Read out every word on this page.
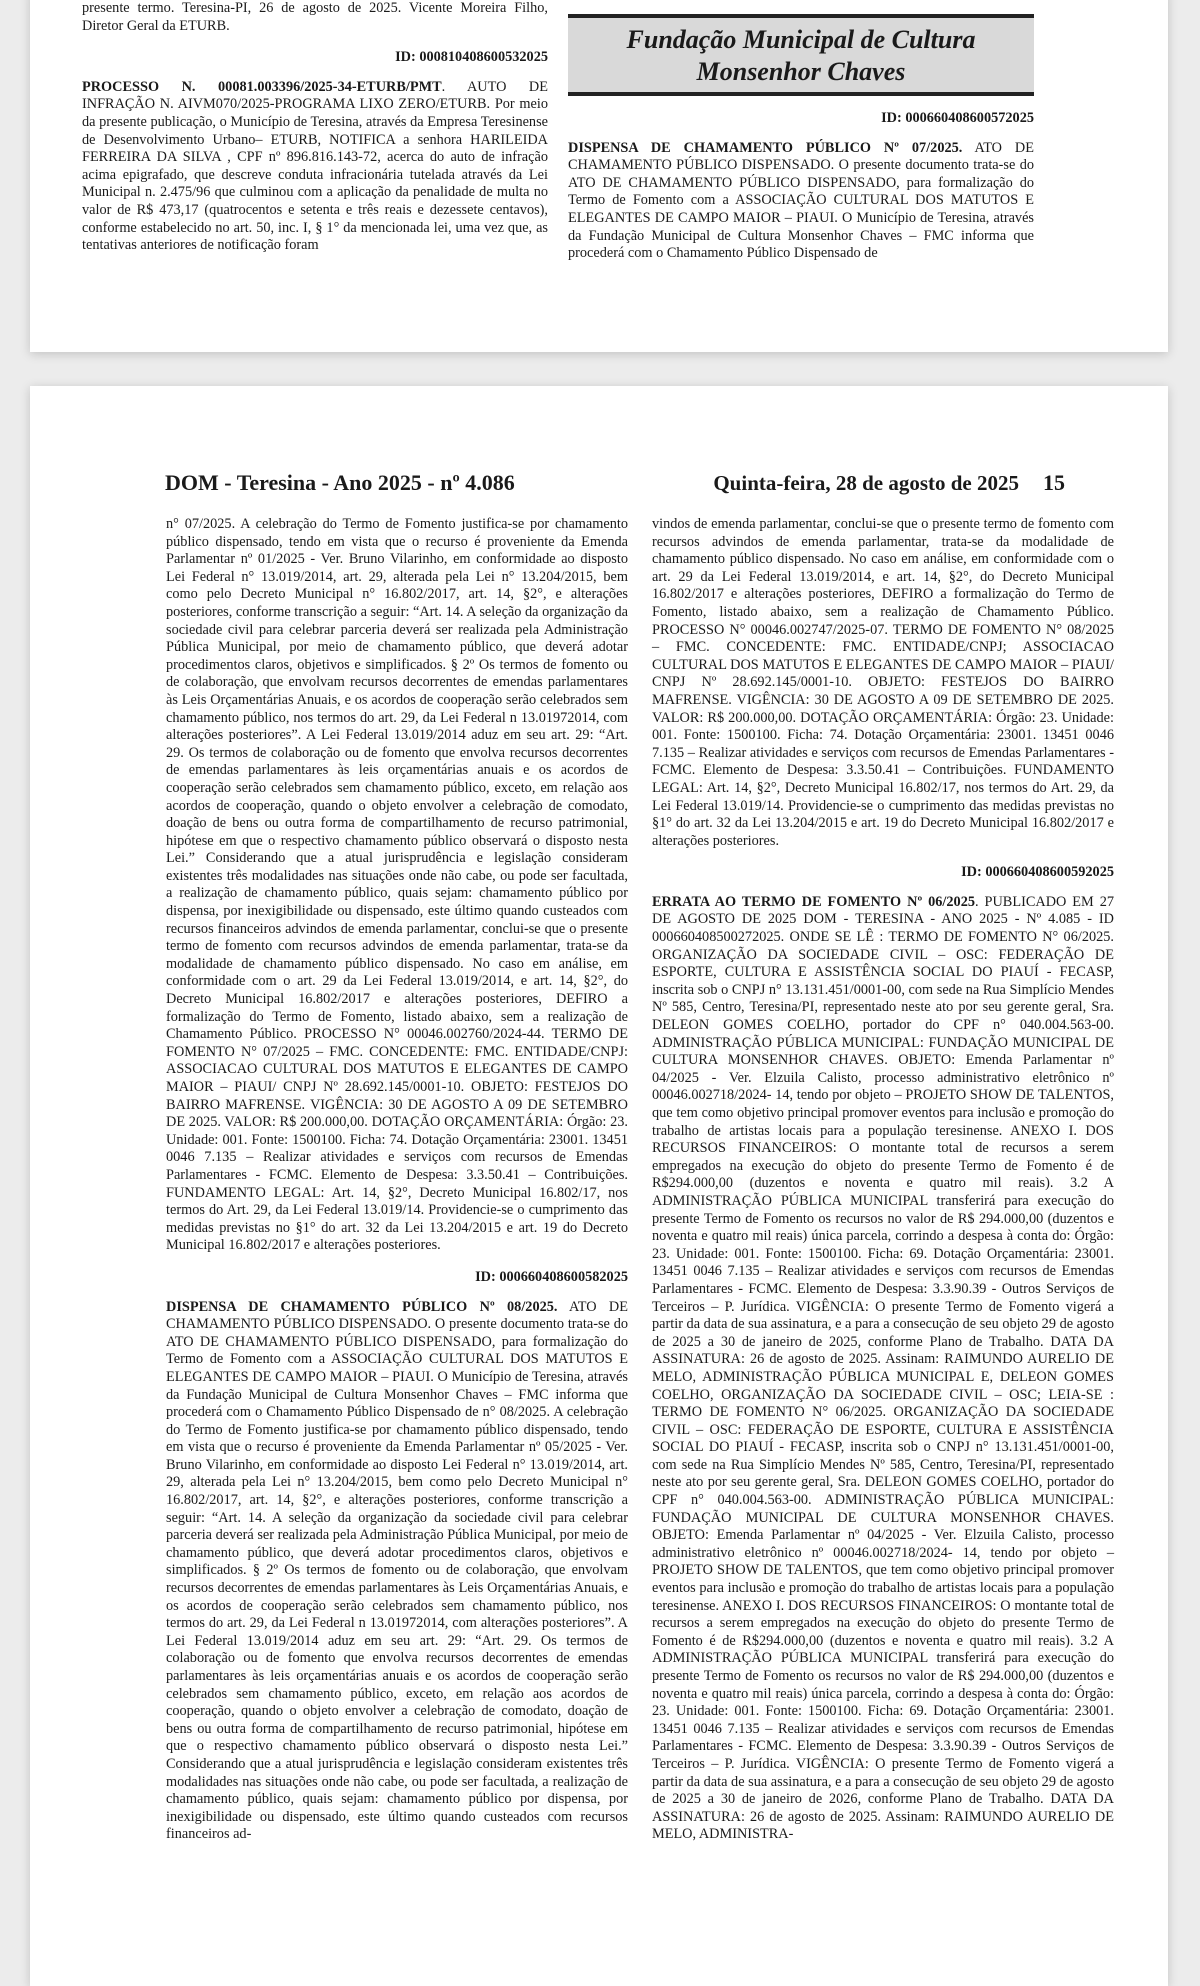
presente termo. Teresina-PI, 26 de agosto de 2025. Vicente Moreira Filho, Diretor Geral da ETURB.

ID: 000810408600532025

PROCESSO N. 00081.003396/2025-34-ETURB/PMT. AUTO DE INFRAÇÃO N. AIVM070/2025-PROGRAMA LIXO ZERO/ETURB. Por meio da presente publicação, o Município de Teresina, através da Empresa Teresinense de Desenvolvimento Urbano– ETURB, NOTIFICA a senhora HARILEIDA FERREIRA DA SILVA , CPF nº 896.816.143-72, acerca do auto de infração acima epigrafado, que descreve conduta infracionária tutelada através da Lei Municipal n. 2.475/96 que culminou com a aplicação da penalidade de multa no valor de R$ 473,17 (quatrocentos e setenta e três reais e dezessete centavos), conforme estabelecido no art. 50, inc. I, § 1° da mencionada lei, uma vez que, as tentativas anteriores de notificação foram

Fundação Municipal de Cultura
Monsenhor Chaves
ID: 000660408600572025

DISPENSA DE CHAMAMENTO PÚBLICO Nº 07/2025. ATO DE CHAMAMENTO PÚBLICO DISPENSADO. O presente documento trata-se do ATO DE CHAMAMENTO PÚBLICO DISPENSADO, para formalização do Termo de Fomento com a ASSOCIAÇÃO CULTURAL DOS MATUTOS E ELEGANTES DE CAMPO MAIOR – PIAUI. O Município de Teresina, através da Fundação Municipal de Cultura Monsenhor Chaves – FMC informa que procederá com o Chamamento Público Dispensado de

DOM - Teresina - Ano 2025 - nº 4.086	Quinta-feira, 28 de agosto de 2025 15

n° 07/2025. A celebração do Termo de Fomento justifica-se por chamamento público dispensado, tendo em vista que o recurso é proveniente da Emenda Parlamentar nº 01/2025 - Ver. Bruno Vilarinho, em conformidade ao disposto Lei Federal n° 13.019/2014, art. 29, alterada pela Lei n° 13.204/2015, bem como pelo Decreto Municipal n° 16.802/2017, art. 14, §2°, e alterações posteriores, conforme transcrição a seguir: “Art. 14. A seleção da organização da sociedade civil para celebrar parceria deverá ser realizada pela Administração Pública Municipal, por meio de chamamento público, que deverá adotar procedimentos claros, objetivos e simplificados. § 2º Os termos de fomento ou de colaboração, que envolvam recursos decorrentes de emendas parlamentares às Leis Orçamentárias Anuais, e os acordos de cooperação serão celebrados sem chamamento público, nos termos do art. 29, da Lei Federal n 13.01972014, com alterações posteriores”. A Lei Federal 13.019/2014 aduz em seu art. 29: “Art. 29. Os termos de colaboração ou de fomento que envolva recursos decorrentes de emendas parlamentares às leis orçamentárias anuais e os acordos de cooperação serão celebrados sem chamamento público, exceto, em relação aos acordos de cooperação, quando o objeto envolver a celebração de comodato, doação de bens ou outra forma de compartilhamento de recurso patrimonial, hipótese em que o respectivo chamamento público observará o disposto nesta Lei.” Considerando que a atual jurisprudência e legislação consideram existentes três modalidades nas situações onde não cabe, ou pode ser facultada, a realização de chamamento público, quais sejam: chamamento público por dispensa, por inexigibilidade ou dispensado, este último quando custeados com recursos financeiros advindos de emenda parlamentar, conclui-se que o presente termo de fomento com recursos advindos de emenda parlamentar, trata-se da modalidade de chamamento público dispensado. No caso em análise, em conformidade com o art. 29 da Lei Federal 13.019/2014, e art. 14, §2°, do Decreto Municipal 16.802/2017 e alterações posteriores, DEFIRO a formalização do Termo de Fomento, listado abaixo, sem a realização de Chamamento Público. PROCESSO N° 00046.002760/2024-44. TERMO DE FOMENTO N° 07/2025 – FMC. CONCEDENTE: FMC. ENTIDADE/CNPJ: ASSOCIACAO CULTURAL DOS MATUTOS E ELEGANTES DE CAMPO MAIOR – PIAUI/ CNPJ Nº 28.692.145/0001-10. OBJETO: FESTEJOS DO BAIRRO MAFRENSE. VIGÊNCIA: 30 DE AGOSTO A 09 DE SETEMBRO DE 2025. VALOR: R$ 200.000,00. DOTAÇÃO ORÇAMENTÁRIA: Órgão: 23. Unidade: 001. Fonte: 1500100. Ficha: 74. Dotação Orçamentária: 23001. 13451 0046 7.135 – Realizar atividades e serviços com recursos de Emendas Parlamentares - FCMC. Elemento de Despesa: 3.3.50.41 – Contribuições. FUNDAMENTO LEGAL: Art. 14, §2°, Decreto Municipal 16.802/17, nos termos do Art. 29, da Lei Federal 13.019/14. Providencie-se o cumprimento das medidas previstas no §1° do art. 32 da Lei 13.204/2015 e art. 19 do Decreto Municipal 16.802/2017 e alterações posteriores.

ID: 000660408600582025

DISPENSA DE CHAMAMENTO PÚBLICO Nº 08/2025. ATO DE CHAMAMENTO PÚBLICO DISPENSADO. O presente documento trata-se do ATO DE CHAMAMENTO PÚBLICO DISPENSADO, para formalização do Termo de Fomento com a ASSOCIAÇÃO CULTURAL DOS MATUTOS E ELEGANTES DE CAMPO MAIOR – PIAUI. O Município de Teresina, através da Fundação Municipal de Cultura Monsenhor Chaves – FMC informa que procederá com o Chamamento Público Dispensado de n° 08/2025. A celebração do Termo de Fomento justifica-se por chamamento público dispensado, tendo em vista que o recurso é proveniente da Emenda Parlamentar nº 05/2025 - Ver. Bruno Vilarinho, em conformidade ao disposto Lei Federal n° 13.019/2014, art. 29, alterada pela Lei n° 13.204/2015, bem como pelo Decreto Municipal n° 16.802/2017, art. 14, §2°, e alterações posteriores, conforme transcrição a seguir: “Art. 14. A seleção da organização da sociedade civil para celebrar parceria deverá ser realizada pela Administração Pública Municipal, por meio de chamamento público, que deverá adotar procedimentos claros, objetivos e simplificados. § 2º Os termos de fomento ou de colaboração, que envolvam recursos decorrentes de emendas parlamentares às Leis Orçamentárias Anuais, e os acordos de cooperação serão celebrados sem chamamento público, nos termos do art. 29, da Lei Federal n 13.01972014, com alterações posteriores”. A Lei Federal 13.019/2014 aduz em seu art. 29: “Art. 29. Os termos de colaboração ou de fomento que envolva recursos decorrentes de emendas parlamentares às leis orçamentárias anuais e os acordos de cooperação serão celebrados sem chamamento público, exceto, em relação aos acordos de cooperação, quando o objeto envolver a celebração de comodato, doação de bens ou outra forma de compartilhamento de recurso patrimonial, hipótese em que o respectivo chamamento público observará o disposto nesta Lei.” Considerando que a atual jurisprudência e legislação consideram existentes três modalidades nas situações onde não cabe, ou pode ser facultada, a realização de chamamento público, quais sejam: chamamento público por dispensa, por inexigibilidade ou dispensado, este último quando custeados com recursos financeiros ad-

vindos de emenda parlamentar, conclui-se que o presente termo de fomento com recursos advindos de emenda parlamentar, trata-se da modalidade de chamamento público dispensado. No caso em análise, em conformidade com o art. 29 da Lei Federal 13.019/2014, e art. 14, §2°, do Decreto Municipal 16.802/2017 e alterações posteriores, DEFIRO a formalização do Termo de Fomento, listado abaixo, sem a realização de Chamamento Público. PROCESSO N° 00046.002747/2025-07. TERMO DE FOMENTO N° 08/2025 – FMC. CONCEDENTE: FMC. ENTIDADE/CNPJ; ASSOCIACAO CULTURAL DOS MATUTOS E ELEGANTES DE CAMPO MAIOR – PIAUI/ CNPJ Nº 28.692.145/0001-10. OBJETO: FESTEJOS DO BAIRRO MAFRENSE. VIGÊNCIA: 30 DE AGOSTO A 09 DE SETEMBRO DE 2025. VALOR: R$ 200.000,00. DOTAÇÃO ORÇAMENTÁRIA: Órgão: 23. Unidade: 001. Fonte: 1500100. Ficha: 74. Dotação Orçamentária: 23001. 13451 0046 7.135 – Realizar atividades e serviços com recursos de Emendas Parlamentares - FCMC. Elemento de Despesa: 3.3.50.41 – Contribuições. FUNDAMENTO LEGAL: Art. 14, §2°, Decreto Municipal 16.802/17, nos termos do Art. 29, da Lei Federal 13.019/14. Providencie-se o cumprimento das medidas previstas no §1° do art. 32 da Lei 13.204/2015 e art. 19 do Decreto Municipal 16.802/2017 e alterações posteriores.

ID: 000660408600592025

ERRATA AO TERMO DE FOMENTO Nº 06/2025. PUBLICADO EM 27 DE AGOSTO DE 2025 DOM - TERESINA - ANO 2025 - Nº 4.085 - ID 000660408500272025. ONDE SE LÊ : TERMO DE FOMENTO N° 06/2025. ORGANIZAÇÃO DA SOCIEDADE CIVIL – OSC: FEDERAÇÃO DE ESPORTE, CULTURA E ASSISTÊNCIA SOCIAL DO PIAUÍ - FECASP, inscrita sob o CNPJ n° 13.131.451/0001-00, com sede na Rua Simplício Mendes Nº 585, Centro, Teresina/PI, representado neste ato por seu gerente geral, Sra. DELEON GOMES COELHO, portador do CPF n° 040.004.563-00. ADMINISTRAÇÃO PÚBLICA MUNICIPAL: FUNDAÇÃO MUNICIPAL DE CULTURA MONSENHOR CHAVES. OBJETO: Emenda Parlamentar nº 04/2025 - Ver. Elzuila Calisto, processo administrativo eletrônico nº 00046.002718/2024- 14, tendo por objeto – PROJETO SHOW DE TALENTOS, que tem como objetivo principal promover eventos para inclusão e promoção do trabalho de artistas locais para a população teresinense. ANEXO I. DOS RECURSOS FINANCEIROS: O montante total de recursos a serem empregados na execução do objeto do presente Termo de Fomento é de R$294.000,00 (duzentos e noventa e quatro mil reais). 3.2 A ADMINISTRAÇÃO PÚBLICA MUNICIPAL transferirá para execução do presente Termo de Fomento os recursos no valor de R$ 294.000,00 (duzentos e noventa e quatro mil reais) única parcela, corrindo a despesa à conta do: Órgão: 23. Unidade: 001. Fonte: 1500100. Ficha: 69. Dotação Orçamentária: 23001. 13451 0046 7.135 – Realizar atividades e serviços com recursos de Emendas Parlamentares - FCMC. Elemento de Despesa: 3.3.90.39 - Outros Serviços de Terceiros – P. Jurídica. VIGÊNCIA: O presente Termo de Fomento vigerá a partir da data de sua assinatura, e a para a consecução de seu objeto 29 de agosto de 2025 a 30 de janeiro de 2025, conforme Plano de Trabalho. DATA DA ASSINATURA: 26 de agosto de 2025. Assinam: RAIMUNDO AURELIO DE MELO, ADMINISTRAÇÃO PÚBLICA MUNICIPAL E, DELEON GOMES COELHO, ORGANIZAÇÃO DA SOCIEDADE CIVIL – OSC; LEIA-SE : TERMO DE FOMENTO N° 06/2025. ORGANIZAÇÃO DA SOCIEDADE CIVIL – OSC: FEDERAÇÃO DE ESPORTE, CULTURA E ASSISTÊNCIA SOCIAL DO PIAUÍ - FECASP, inscrita sob o CNPJ n° 13.131.451/0001-00, com sede na Rua Simplício Mendes Nº 585, Centro, Teresina/PI, representado neste ato por seu gerente geral, Sra. DELEON GOMES COELHO, portador do CPF n° 040.004.563-00. ADMINISTRAÇÃO PÚBLICA MUNICIPAL: FUNDAÇÃO MUNICIPAL DE CULTURA MONSENHOR CHAVES. OBJETO: Emenda Parlamentar nº 04/2025 - Ver. Elzuila Calisto, processo administrativo eletrônico nº 00046.002718/2024- 14, tendo por objeto – PROJETO SHOW DE TALENTOS, que tem como objetivo principal promover eventos para inclusão e promoção do trabalho de artistas locais para a população teresinense. ANEXO I. DOS RECURSOS FINANCEIROS: O montante total de recursos a serem empregados na execução do objeto do presente Termo de Fomento é de R$294.000,00 (duzentos e noventa e quatro mil reais). 3.2 A ADMINISTRAÇÃO PÚBLICA MUNICIPAL transferirá para execução do presente Termo de Fomento os recursos no valor de R$ 294.000,00 (duzentos e noventa e quatro mil reais) única parcela, corrindo a despesa à conta do: Órgão: 23. Unidade: 001. Fonte: 1500100. Ficha: 69. Dotação Orçamentária: 23001. 13451 0046 7.135 – Realizar atividades e serviços com recursos de Emendas Parlamentares - FCMC. Elemento de Despesa: 3.3.90.39 - Outros Serviços de Terceiros – P. Jurídica. VIGÊNCIA: O presente Termo de Fomento vigerá a partir da data de sua assinatura, e a para a consecução de seu objeto 29 de agosto de 2025 a 30 de janeiro de 2026, conforme Plano de Trabalho. DATA DA ASSINATURA: 26 de agosto de 2025. Assinam: RAIMUNDO AURELIO DE MELO, ADMINISTRA-
